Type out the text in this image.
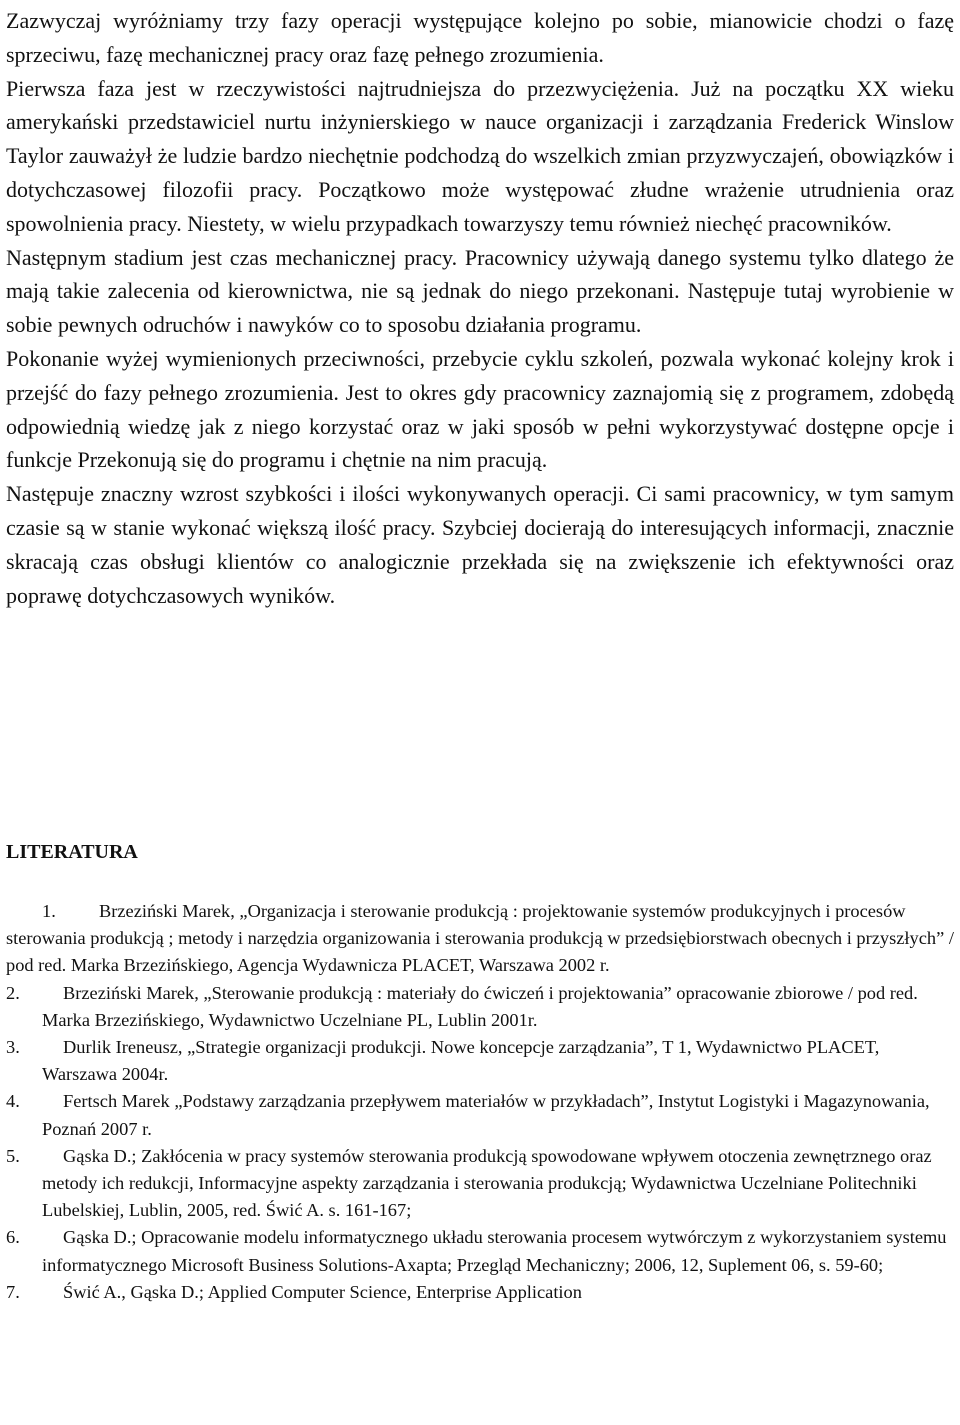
Zazwyczaj wyróżniamy trzy fazy operacji występujące kolejno po sobie, mianowicie chodzi o fazę sprzeciwu, fazę mechanicznej pracy oraz fazę pełnego zrozumienia.

Pierwsza faza jest w rzeczywistości najtrudniejsza do przezwyciężenia. Już na początku XX wieku amerykański przedstawiciel nurtu inżynierskiego w nauce organizacji i zarządzania Frederick Winslow Taylor zauważył że ludzie bardzo niechętnie podchodzą do wszelkich zmian przyzwyczajeń, obowiązków i dotychczasowej filozofii pracy. Początkowo może występować złudne wrażenie utrudnienia oraz spowolnienia pracy. Niestety, w wielu przypadkach towarzyszy temu również niechęć pracowników.

Następnym stadium jest czas mechanicznej pracy. Pracownicy używają danego systemu tylko dlatego że mają takie zalecenia od kierownictwa, nie są jednak do niego przekonani. Następuje tutaj wyrobienie w sobie pewnych odruchów i nawyków co to sposobu działania programu.

Pokonanie wyżej wymienionych przeciwności, przebycie cyklu szkoleń, pozwala wykonać kolejny krok i przejść do fazy pełnego zrozumienia. Jest to okres gdy pracownicy zaznajomią się z programem, zdobędą odpowiednią wiedzę jak z niego korzystać oraz w jaki sposób w pełni wykorzystywać dostępne opcje i funkcje Przekonują się do programu i chętnie na nim pracują.

Następuje znaczny wzrost szybkości i ilości wykonywanych operacji. Ci sami pracownicy, w tym samym czasie są w stanie wykonać większą ilość pracy. Szybciej docierają do interesujących informacji, znacznie skracają czas obsługi klientów co analogicznie przekłada się na zwiększenie ich efektywności oraz poprawę dotychczasowych wyników.

LITERATURA
1. Brzeziński Marek, „Organizacja i sterowanie produkcją : projektowanie systemów produkcyjnych i procesów sterowania produkcją ; metody i narzędzia organizowania i sterowania produkcją w przedsiębiorstwach obecnych i przyszłych” / pod red. Marka Brzezińskiego, Agencja Wydawnicza PLACET, Warszawa 2002 r.
2. Brzeziński Marek, „Sterowanie produkcją : materiały do ćwiczeń i projektowania” opracowanie zbiorowe / pod red. Marka Brzezińskiego, Wydawnictwo Uczelniane PL, Lublin 2001r.
3. Durlik Ireneusz, „Strategie organizacji produkcji. Nowe koncepcje zarządzania”, T 1, Wydawnictwo PLACET, Warszawa 2004r.
4. Fertsch Marek „Podstawy zarządzania przepływem materiałów w przykładach”, Instytut Logistyki i Magazynowania, Poznań 2007 r.
5. Gąska D.; Zakłócenia w pracy systemów sterowania produkcją spowodowane wpływem otoczenia zewnętrznego oraz metody ich redukcji, Informacyjne aspekty zarządzania i sterowania produkcją; Wydawnictwa Uczelniane Politechniki Lubelskiej, Lublin, 2005, red. Świć A. s. 161-167;
6. Gąska D.; Opracowanie modelu informatycznego układu sterowania procesem wytwórczym z wykorzystaniem systemu informatycznego Microsoft Business Solutions-Axapta; Przegląd Mechaniczny; 2006, 12, Suplement 06, s. 59-60;
7. Świć A., Gąska D.; Applied Computer Science, Enterprise Application
